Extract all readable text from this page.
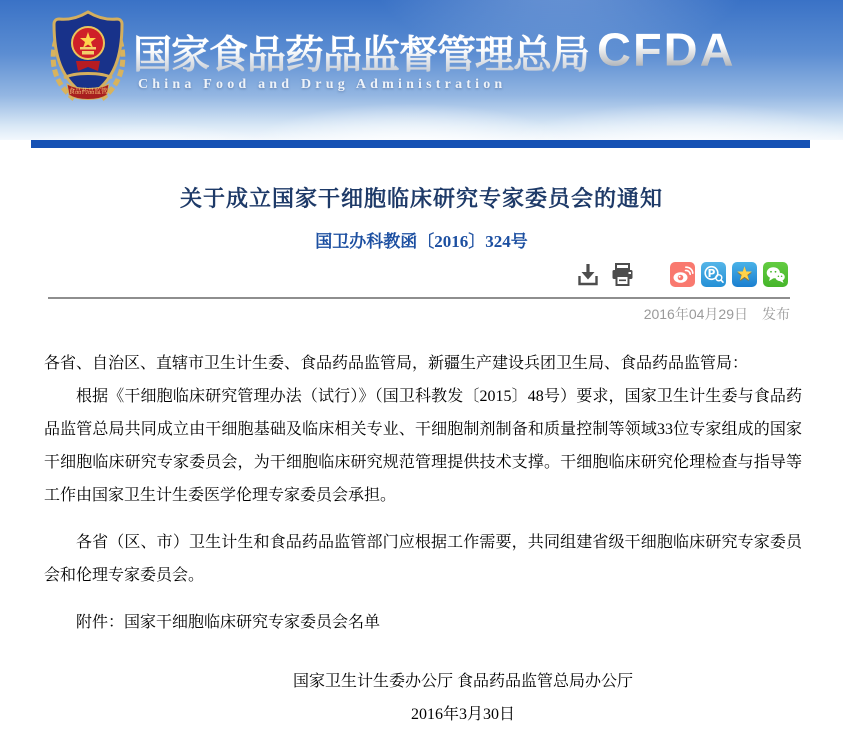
食品药品监管
国家食品药品监督管理总局
China Food and Drug Administration
CFDA
关于成立国家干细胞临床研究专家委员会的通知
国卫办科教函〔2016〕324号
P ★
2016年04月29日　发布

各省、自治区、直辖市卫生计生委、食品药品监管局，新疆生产建设兵团卫生局、食品药品监管局：

根据《干细胞临床研究管理办法（试行）》（国卫科教发〔2015〕48号）要求，国家卫生计生委与食品药品监管总局共同成立由干细胞基础及临床相关专业、干细胞制剂制备和质量控制等领域33位专家组成的国家干细胞临床研究专家委员会，为干细胞临床研究规范管理提供技术支撑。干细胞临床研究伦理检查与指导等工作由国家卫生计生委医学伦理专家委员会承担。

各省（区、市）卫生计生和食品药品监管部门应根据工作需要，共同组建省级干细胞临床研究专家委员会和伦理专家委员会。

附件：国家干细胞临床研究专家委员会名单

国家卫生计生委办公厅 食品药品监管总局办公厅

2016年3月30日
